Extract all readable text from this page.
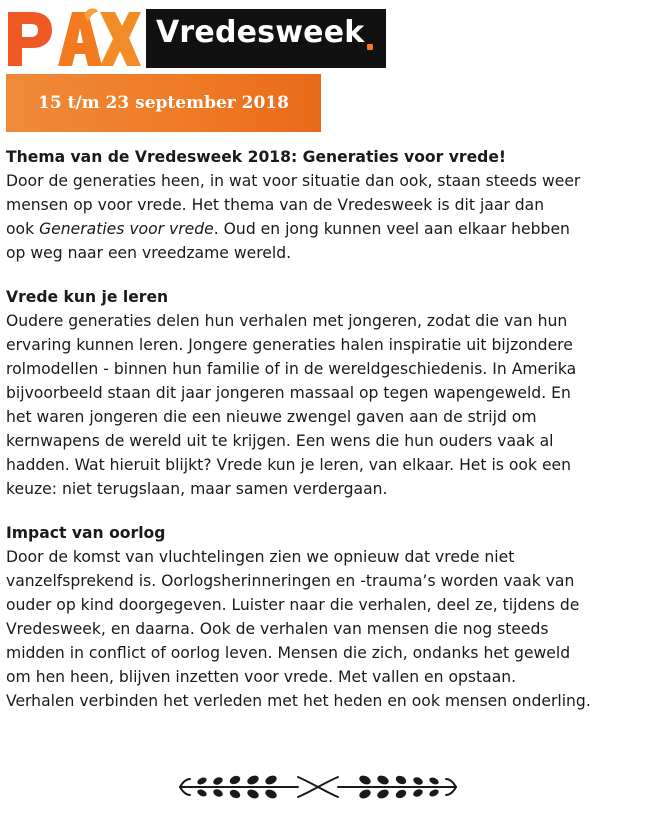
Vredesweek
15 t/m 23 september 2018
Thema van de Vredesweek 2018: Generaties voor vrede!

Door de generaties heen, in wat voor situatie dan ook, staan steeds weer
mensen op voor vrede. Het thema van de Vredesweek is dit jaar dan
ook Generaties voor vrede. Oud en jong kunnen veel aan elkaar hebben
op weg naar een vreedzame wereld.

Vrede kun je leren

Oudere generaties delen hun verhalen met jongeren, zodat die van hun
ervaring kunnen leren. Jongere generaties halen inspiratie uit bijzondere
rolmodellen - binnen hun familie of in de wereldgeschiedenis. In Amerika
bijvoorbeeld staan dit jaar jongeren massaal op tegen wapengeweld. En
het waren jongeren die een nieuwe zwengel gaven aan de strijd om
kernwapens de wereld uit te krijgen. Een wens die hun ouders vaak al
hadden. Wat hieruit blijkt? Vrede kun je leren, van elkaar. Het is ook een
keuze: niet terugslaan, maar samen verdergaan.

Impact van oorlog

Door de komst van vluchtelingen zien we opnieuw dat vrede niet
vanzelfsprekend is. Oorlogsherinneringen en -trauma’s worden vaak van
ouder op kind doorgegeven. Luister naar die verhalen, deel ze, tijdens de
Vredesweek, en daarna. Ook de verhalen van mensen die nog steeds
midden in conflict of oorlog leven. Mensen die zich, ondanks het geweld
om hen heen, blijven inzetten voor vrede. Met vallen en opstaan.
Verhalen verbinden het verleden met het heden en ook mensen onderling.
